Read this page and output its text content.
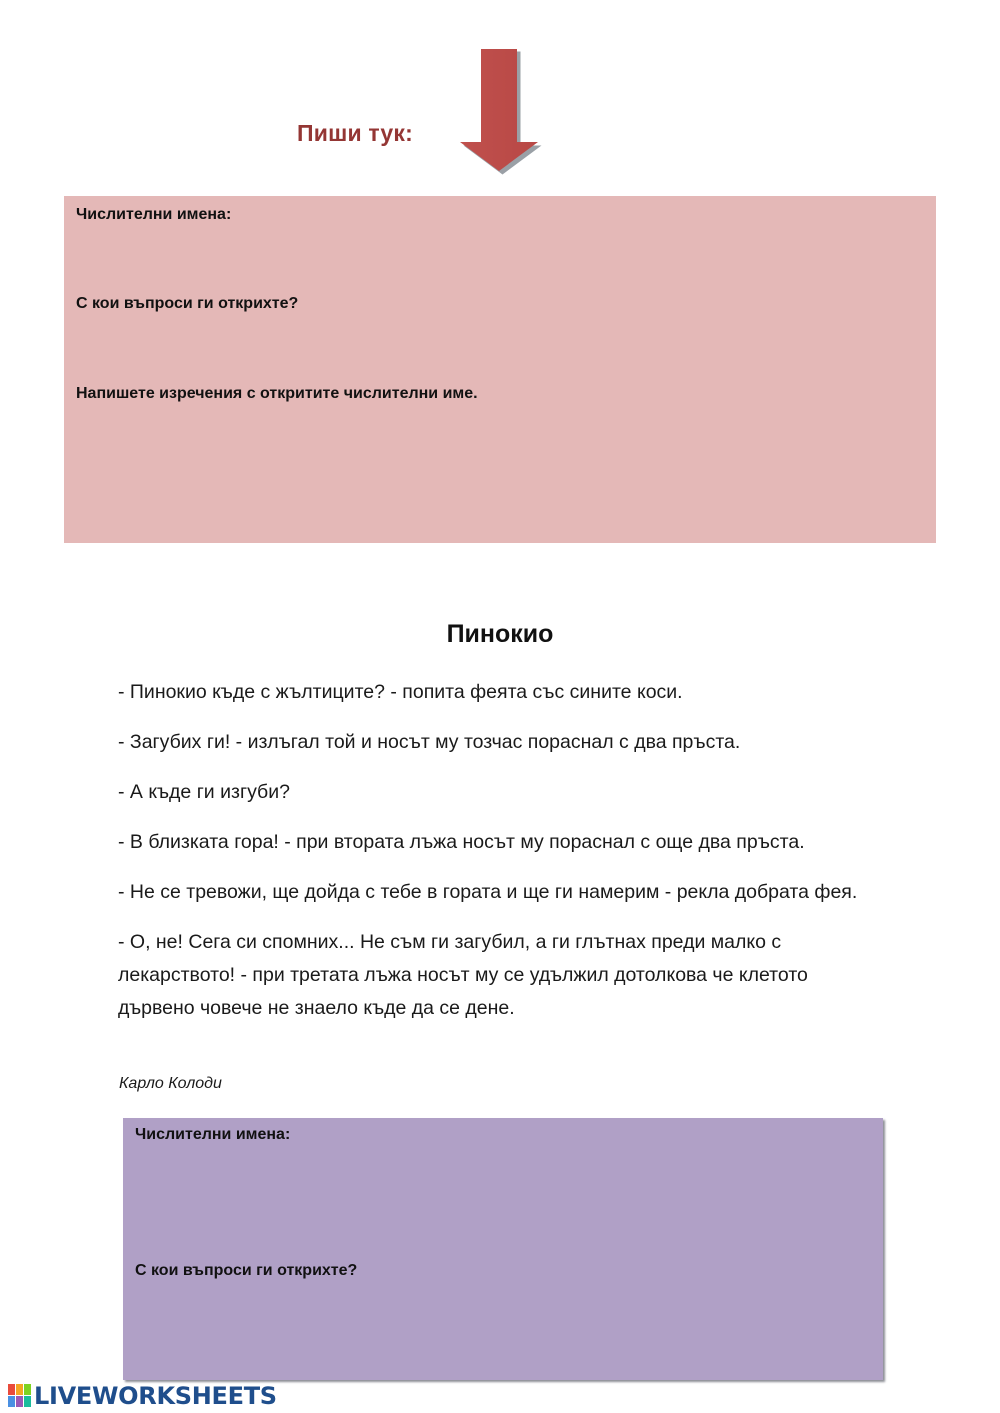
Пиши тук:
Числителни имена:
С кои въпроси ги открихте?
Напишете изречения с откритите числителни име.
Пинокио

- Пинокио къде с жълтиците? - попита феята със сините коси.

- Загубих ги! - излъгал той и носът му тозчас пораснал с два пръста.

- А къде ги изгуби?

- В близката гора! - при втората лъжа носът му пораснал с още два пръста.

- Не се тревожи, ще дойда с тебе в гората и ще ги намерим - рекла добрата фея.

- О, не! Сега си спомних... Не съм ги загубил, а ги глътнах преди малко с лекарството! - при третата лъжа носът му се удължил дотолкова че клетото дървено човече не знаело къде да се дене.

Карло Колоди
Числителни имена:
С кои въпроси ги открихте?
LIVEWORKSHEETS
